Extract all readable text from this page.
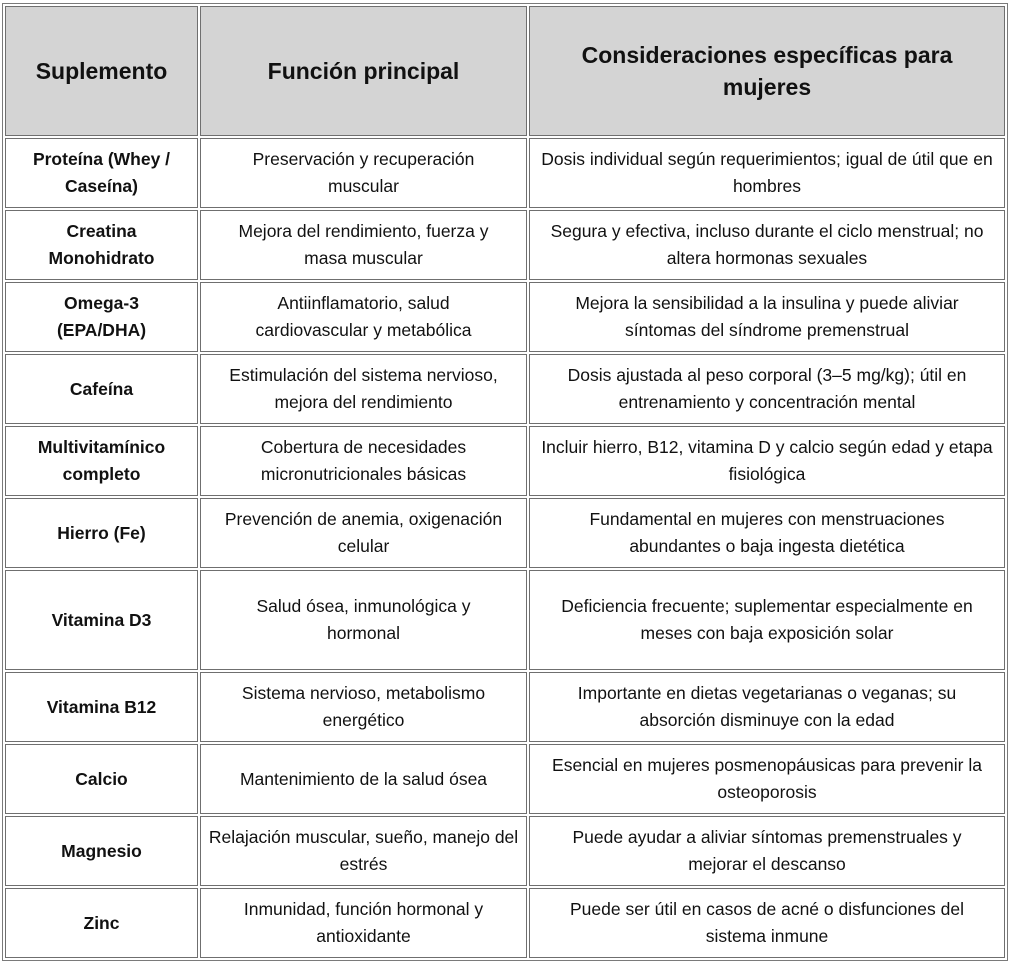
Suplemento	Función principal	Consideraciones específicas para mujeres
Proteína (Whey / Caseína)	Preservación y recuperación muscular	Dosis individual según requerimientos; igual de útil que en hombres
Creatina Monohidrato	Mejora del rendimiento, fuerza y masa muscular	Segura y efectiva, incluso durante el ciclo menstrual; no altera hormonas sexuales
Omega-3 (EPA/DHA)	Antiinflamatorio, salud cardiovascular y metabólica	Mejora la sensibilidad a la insulina y puede aliviar síntomas del síndrome premenstrual
Cafeína	Estimulación del sistema nervioso, mejora del rendimiento	Dosis ajustada al peso corporal (3–5 mg/kg); útil en entrenamiento y concentración mental
Multivitamínico completo	Cobertura de necesidades micronutricionales básicas	Incluir hierro, B12, vitamina D y calcio según edad y etapa fisiológica
Hierro (Fe)	Prevención de anemia, oxigenación celular	Fundamental en mujeres con menstruaciones abundantes o baja ingesta dietética
Vitamina D3	Salud ósea, inmunológica y hormonal	Deficiencia frecuente; suplementar especialmente en meses con baja exposición solar
Vitamina B12	Sistema nervioso, metabolismo energético	Importante en dietas vegetarianas o veganas; su absorción disminuye con la edad
Calcio	Mantenimiento de la salud ósea	Esencial en mujeres posmenopáusicas para prevenir la osteoporosis
Magnesio	Relajación muscular, sueño, manejo del estrés	Puede ayudar a aliviar síntomas premenstruales y mejorar el descanso
Zinc	Inmunidad, función hormonal y antioxidante	Puede ser útil en casos de acné o disfunciones del sistema inmune
